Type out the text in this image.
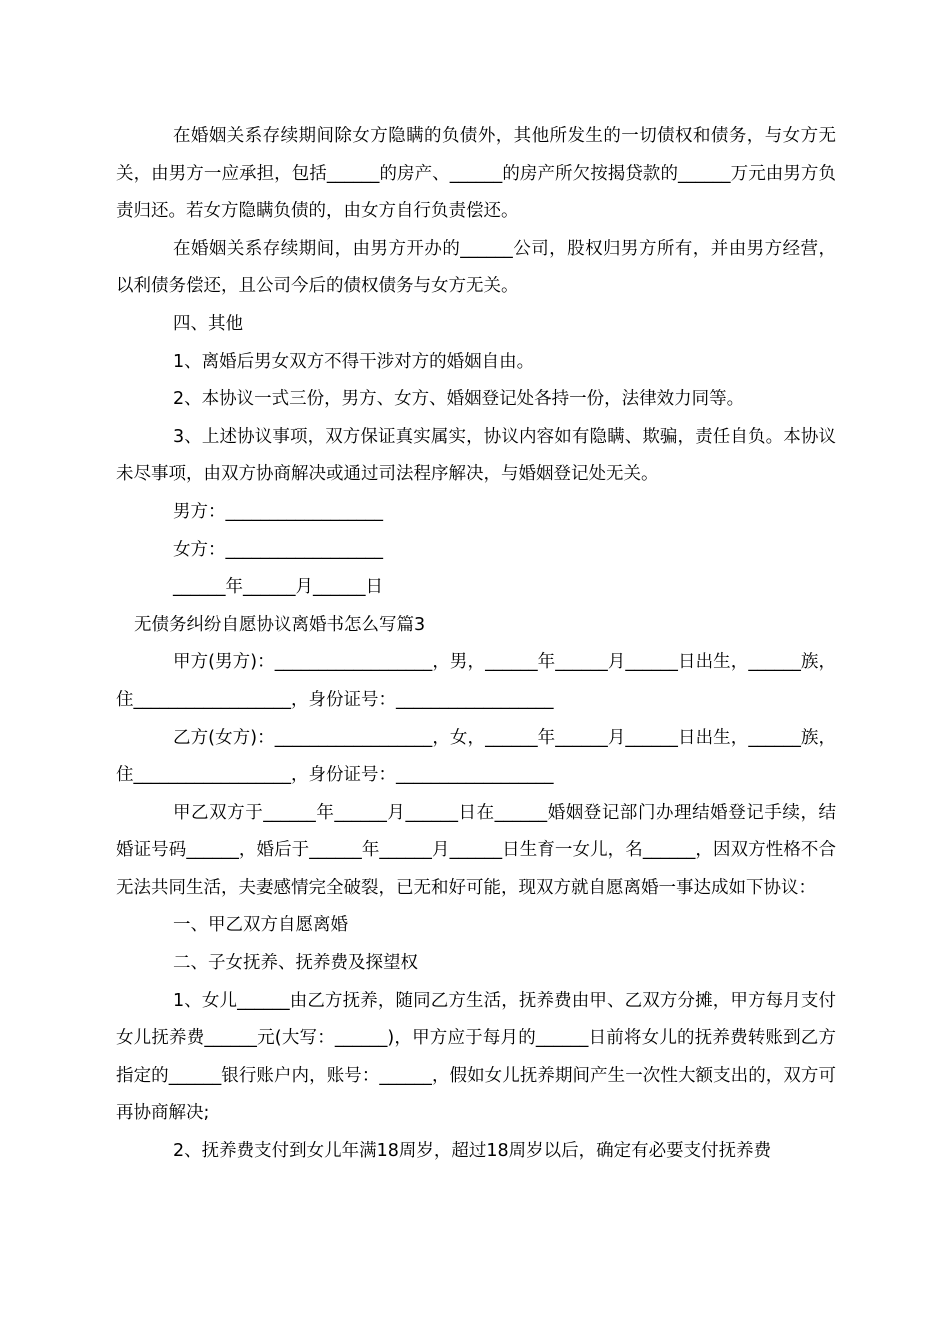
在婚姻关系存续期间除女方隐瞒的负债外，其他所发生的一切债权和债务，与女方无关，由男方一应承担，包括______的房产、______的房产所欠按揭贷款的______万元由男方负责归还。若女方隐瞒负债的，由女方自行负责偿还。

在婚姻关系存续期间，由男方开办的______公司，股权归男方所有，并由男方经营，以利债务偿还，且公司今后的债权债务与女方无关。

四、其他

1、离婚后男女双方不得干涉对方的婚姻自由。

2、本协议一式三份，男方、女方、婚姻登记处各持一份，法律效力同等。

3、上述协议事项，双方保证真实属实，协议内容如有隐瞒、欺骗，责任自负。本协议未尽事项，由双方协商解决或通过司法程序解决，与婚姻登记处无关。

男方：__________________

女方：__________________

______年______月______日

无债务纠纷自愿协议离婚书怎么写篇3

甲方(男方)：__________________，男，______年______月______日出生，______族，住__________________，身份证号：__________________

乙方(女方)：__________________，女，______年______月______日出生，______族，住__________________，身份证号：__________________

甲乙双方于______年______月______日在______婚姻登记部门办理结婚登记手续，结婚证号码______，婚后于______年______月______日生育一女儿，名______，因双方性格不合无法共同生活，夫妻感情完全破裂，已无和好可能，现双方就自愿离婚一事达成如下协议：

一、甲乙双方自愿离婚

二、子女抚养、抚养费及探望权

1、女儿______由乙方抚养，随同乙方生活，抚养费由甲、乙双方分摊，甲方每月支付女儿抚养费______元(大写：______)，甲方应于每月的______日前将女儿的抚养费转账到乙方指定的______银行账户内，账号：______，假如女儿抚养期间产生一次性大额支出的，双方可再协商解决;

2、抚养费支付到女儿年满18周岁，超过18周岁以后，确定有必要支付抚养费
